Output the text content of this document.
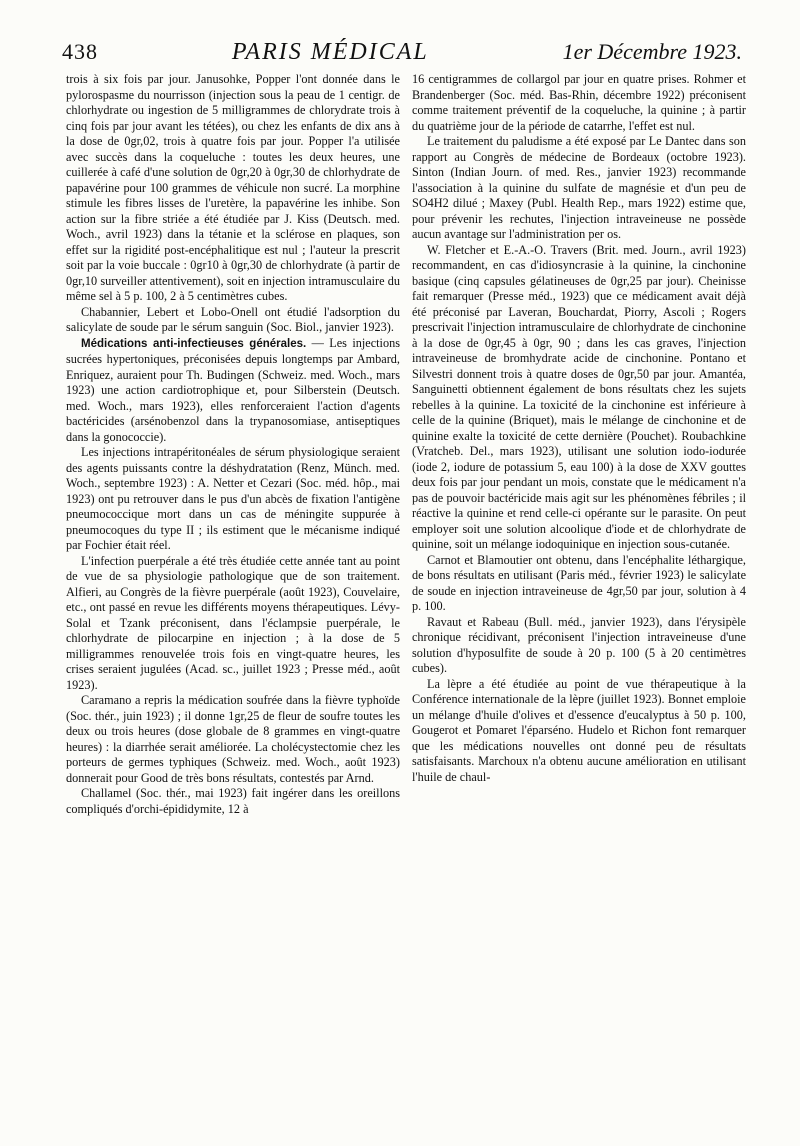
438	PARIS MÉDICAL	1er Décembre 1923.

trois à six fois par jour. Janusohke, Popper l'ont donnée dans le pylorospasme du nourrisson (injection sous la peau de 1 centigr. de chlorhydrate ou ingestion de 5 milligrammes de chlorydrate trois à cinq fois par jour avant les tétées), ou chez les enfants de dix ans à la dose de 0gr,02, trois à quatre fois par jour. Popper l'a utilisée avec succès dans la coqueluche : toutes les deux heures, une cuillerée à café d'une solution de 0gr,20 à 0gr,30 de chlorhydrate de papavérine pour 100 grammes de véhicule non sucré. La morphine stimule les fibres lisses de l'uretère, la papavérine les inhibe. Son action sur la fibre striée a été étudiée par J. Kiss (Deutsch. med. Woch., avril 1923) dans la tétanie et la sclérose en plaques, son effet sur la rigidité post-encéphalitique est nul ; l'auteur la prescrit soit par la voie buccale : 0gr10 à 0gr,30 de chlorhydrate (à partir de 0gr,10 surveiller attentivement), soit en injection intramusculaire du même sel à 5 p. 100, 2 à 5 centimètres cubes.

Chabannier, Lebert et Lobo-Onell ont étudié l'adsorption du salicylate de soude par le sérum sanguin (Soc. Biol., janvier 1923).

Médications anti-infectieuses générales. — Les injections sucrées hypertoniques, préconisées depuis longtemps par Ambard, Enriquez, auraient pour Th. Budingen (Schweiz. med. Woch., mars 1923) une action cardiotrophique et, pour Silberstein (Deutsch. med. Woch., mars 1923), elles renforceraient l'action d'agents bactéricides (arsénobenzol dans la trypanosomiase, antiseptiques dans la gonococcie).

Les injections intrapéritonéales de sérum physiologique seraient des agents puissants contre la déshydratation (Renz, Münch. med. Woch., septembre 1923) : A. Netter et Cezari (Soc. méd. hôp., mai 1923) ont pu retrouver dans le pus d'un abcès de fixation l'antigène pneumococcique mort dans un cas de méningite suppurée à pneumocoques du type II ; ils estiment que le mécanisme indiqué par Fochier était réel.

L'infection puerpérale a été très étudiée cette année tant au point de vue de sa physiologie pathologique que de son traitement. Alfieri, au Congrès de la fièvre puerpérale (août 1923), Couvelaire, etc., ont passé en revue les différents moyens thérapeutiques. Lévy-Solal et Tzank préconisent, dans l'éclampsie puerpérale, le chlorhydrate de pilocarpine en injection ; à la dose de 5 milligrammes renouvelée trois fois en vingt-quatre heures, les crises seraient jugulées (Acad. sc., juillet 1923 ; Presse méd., août 1923).

Caramano a repris la médication soufrée dans la fièvre typhoïde (Soc. thér., juin 1923) ; il donne 1gr,25 de fleur de soufre toutes les deux ou trois heures (dose globale de 8 grammes en vingt-quatre heures) : la diarrhée serait améliorée. La cholécystectomie chez les porteurs de germes typhiques (Schweiz. med. Woch., août 1923) donnerait pour Good de très bons résultats, contestés par Arnd.

Challamel (Soc. thér., mai 1923) fait ingérer dans les oreillons compliqués d'orchi-épididymite, 12 à

16 centigrammes de collargol par jour en quatre prises. Rohmer et Brandenberger (Soc. méd. Bas-Rhin, décembre 1922) préconisent comme traitement préventif de la coqueluche, la quinine ; à partir du quatrième jour de la période de catarrhe, l'effet est nul.

Le traitement du paludisme a été exposé par Le Dantec dans son rapport au Congrès de médecine de Bordeaux (octobre 1923). Sinton (Indian Journ. of med. Res., janvier 1923) recommande l'association à la quinine du sulfate de magnésie et d'un peu de SO4H2 dilué ; Maxey (Publ. Health Rep., mars 1922) estime que, pour prévenir les rechutes, l'injection intraveineuse ne possède aucun avantage sur l'administration per os.

W. Fletcher et E.-A.-O. Travers (Brit. med. Journ., avril 1923) recommandent, en cas d'idiosyncrasie à la quinine, la cinchonine basique (cinq capsules gélatineuses de 0gr,25 par jour). Cheinisse fait remarquer (Presse méd., 1923) que ce médicament avait déjà été préconisé par Laveran, Bouchardat, Piorry, Ascoli ; Rogers prescrivait l'injection intramusculaire de chlorhydrate de cinchonine à la dose de 0gr,45 à 0gr, 90 ; dans les cas graves, l'injection intraveineuse de bromhydrate acide de cinchonine. Pontano et Silvestri donnent trois à quatre doses de 0gr,50 par jour. Amantéa, Sanguinetti obtiennent également de bons résultats chez les sujets rebelles à la quinine. La toxicité de la cinchonine est inférieure à celle de la quinine (Briquet), mais le mélange de cinchonine et de quinine exalte la toxicité de cette dernière (Pouchet). Roubachkine (Vratcheb. Del., mars 1923), utilisant une solution iodo-iodurée (iode 2, iodure de potassium 5, eau 100) à la dose de XXV gouttes deux fois par jour pendant un mois, constate que le médicament n'a pas de pouvoir bactéricide mais agit sur les phénomènes fébriles ; il réactive la quinine et rend celle-ci opérante sur le parasite. On peut employer soit une solution alcoolique d'iode et de chlorhydrate de quinine, soit un mélange iodoquinique en injection sous-cutanée.

Carnot et Blamoutier ont obtenu, dans l'encéphalite léthargique, de bons résultats en utilisant (Paris méd., février 1923) le salicylate de soude en injection intraveineuse de 4gr,50 par jour, solution à 4 p. 100.

Ravaut et Rabeau (Bull. méd., janvier 1923), dans l'érysipèle chronique récidivant, préconisent l'injection intraveineuse d'une solution d'hyposulfite de soude à 20 p. 100 (5 à 20 centimètres cubes).

La lèpre a été étudiée au point de vue thérapeutique à la Conférence internationale de la lèpre (juillet 1923). Bonnet emploie un mélange d'huile d'olives et d'essence d'eucalyptus à 50 p. 100, Gougerot et Pomaret l'éparséno. Hudelo et Richon font remarquer que les médications nouvelles ont donné peu de résultats satisfaisants. Marchoux n'a obtenu aucune amélioration en utilisant l'huile de chaul-
